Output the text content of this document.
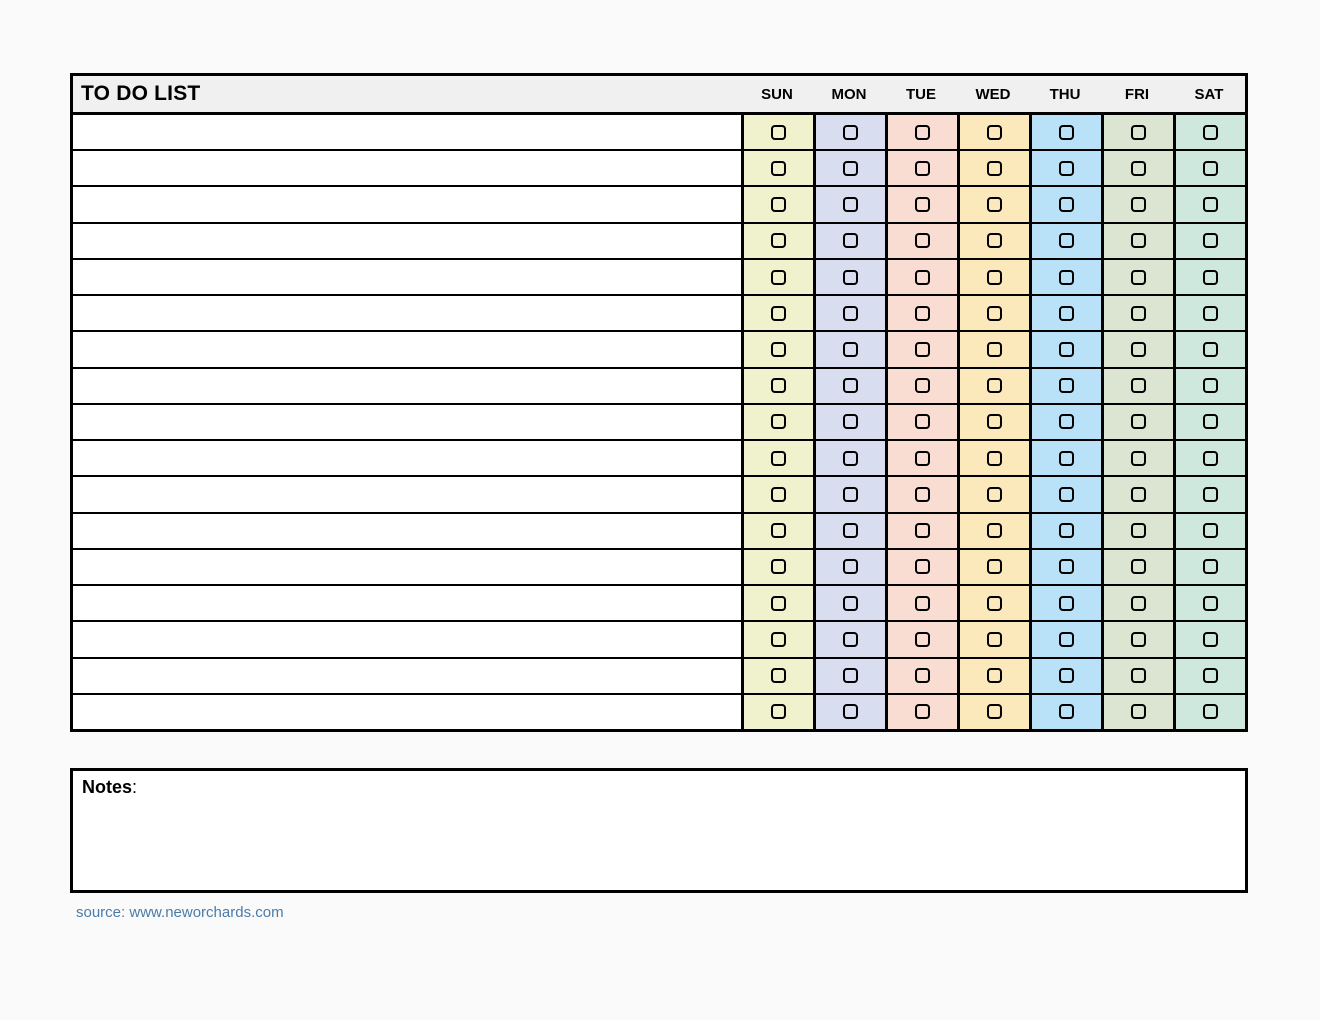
TO DO LIST	SUN	MON	TUE	WED	THU	FRI	SAT
Notes:
source: www.neworchards.com
